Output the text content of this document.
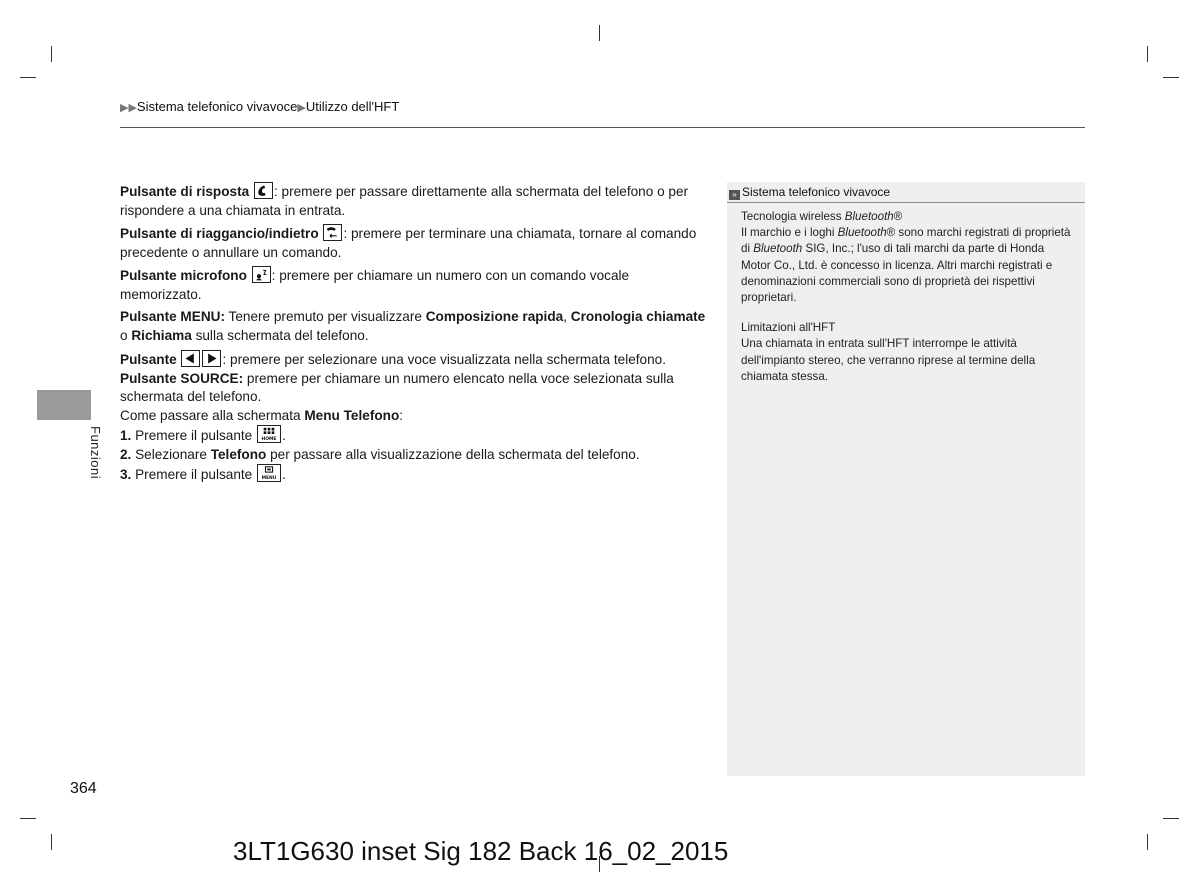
▶▶Sistema telefonico vivavoce▶Utilizzo dell'HFT
Funzioni

Pulsante di risposta : premere per passare direttamente alla schermata del telefono o per rispondere a una chiamata in entrata.

Pulsante di riaggancio/indietro : premere per terminare una chiamata, tornare al comando precedente o annullare un comando.

Pulsante microfono : premere per chiamare un numero con un comando vocale memorizzato.

Pulsante MENU: Tenere premuto per visualizzare Composizione rapida, Cronologia chiamate o Richiama sulla schermata del telefono.

Pulsante	: premere per selezionare una voce visualizzata nella schermata telefono.

Pulsante SOURCE: premere per chiamare un numero elencato nella voce selezionata sulla schermata del telefono.

Come passare alla schermata Menu Telefono:

1. Premere il pulsante HOME .

2. Selezionare Telefono per passare alla visualizzazione della schermata del telefono.

3. Premere il pulsante MENU .

» Sistema telefonico vivavoce

Tecnologia wireless Bluetooth®

Il marchio e i loghi Bluetooth® sono marchi registrati di proprietà di Bluetooth SIG, Inc.; l'uso di tali marchi da parte di Honda Motor Co., Ltd. è concesso in licenza. Altri marchi registrati e denominazioni commerciali sono di proprietà dei rispettivi proprietari.

Limitazioni all'HFT

Una chiamata in entrata sull'HFT interrompe le attività dell'impianto stereo, che verranno riprese al termine della chiamata stessa.

364
3LT1G630 inset Sig 182 Back 16_02_2015
